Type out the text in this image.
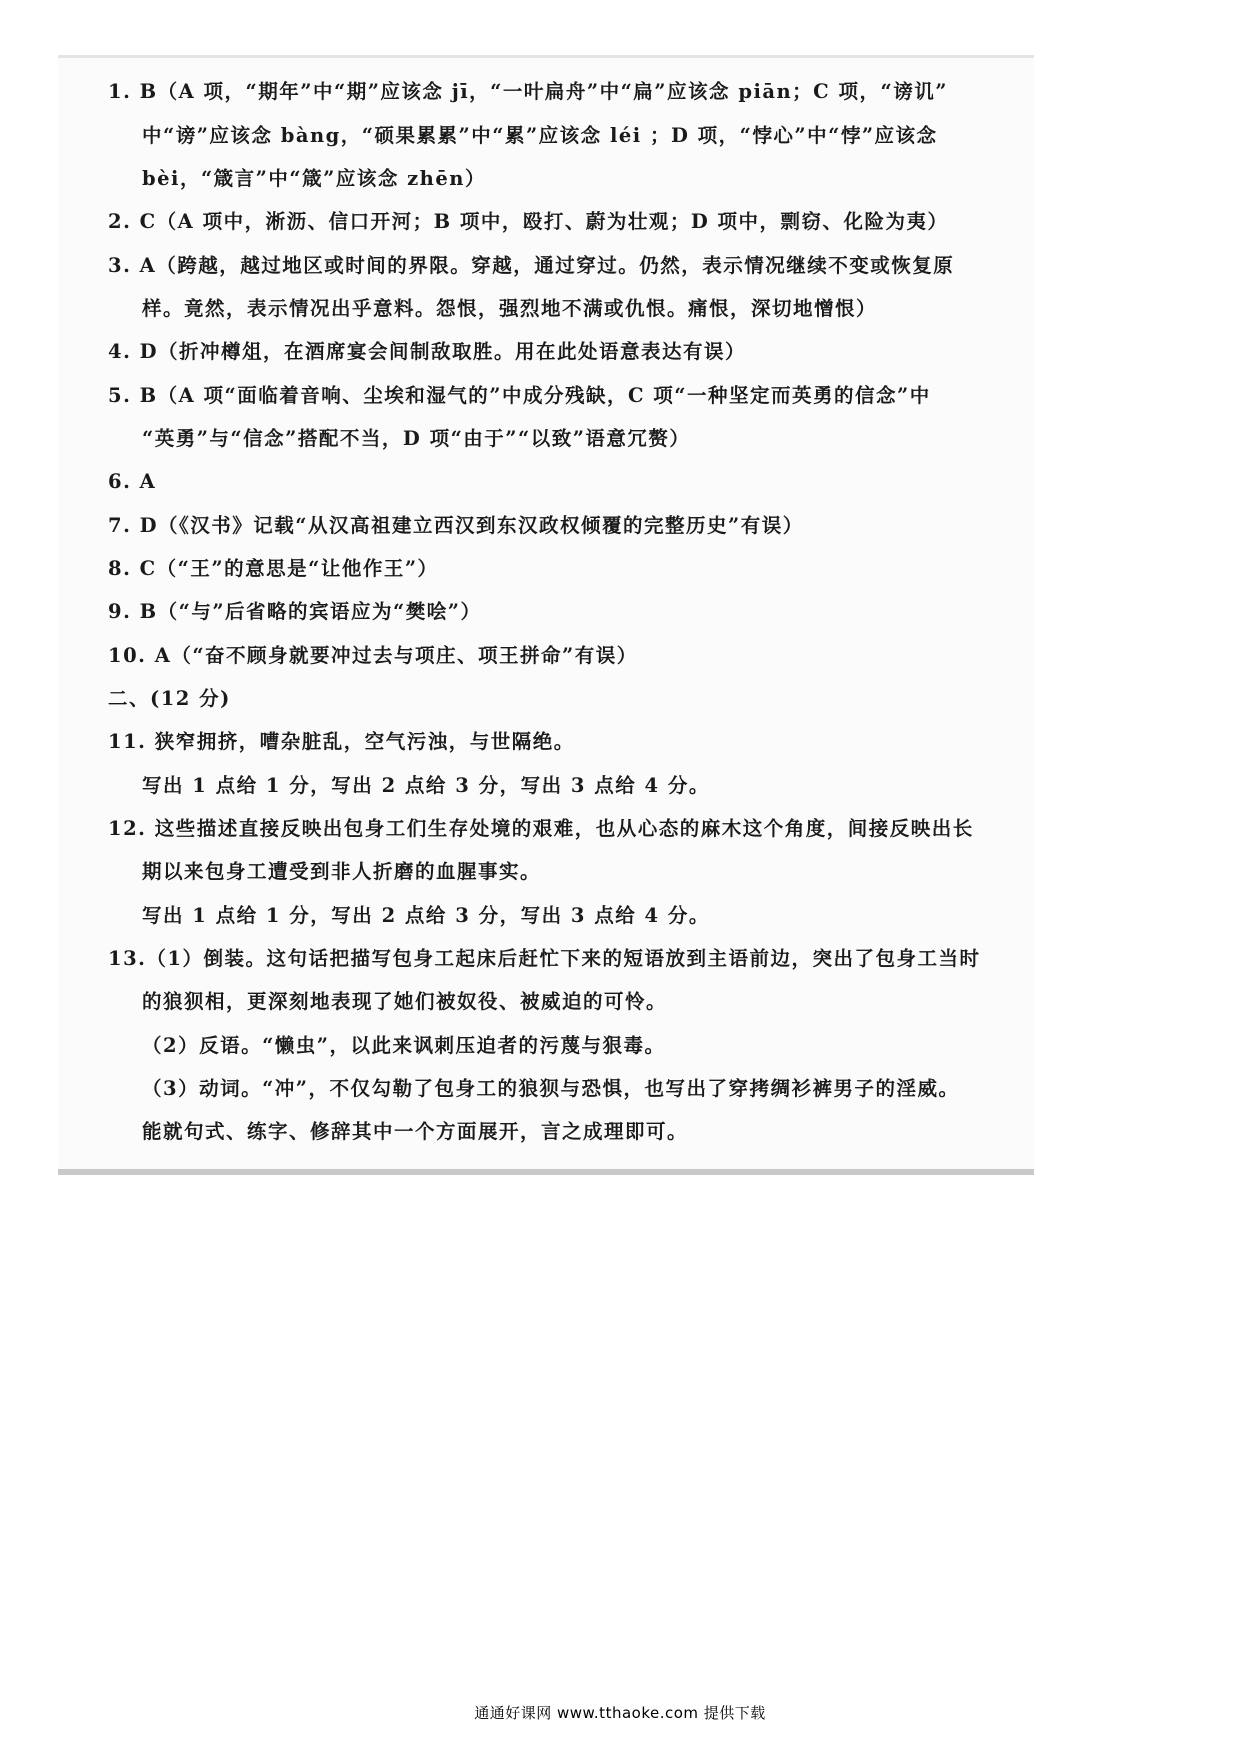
1. B（A 项，“期年”中“期”应该念 jī，“一叶扁舟”中“扁”应该念 piān；C 项，“谤讥”
中“谤”应该念 bàng，“硕果累累”中“累”应该念 léi ；D 项，“悖心”中“悖”应该念
bèi，“箴言”中“箴”应该念 zhēn）
2. C（A 项中，淅沥、信口开河；B 项中，殴打、蔚为壮观；D 项中，剽窃、化险为夷）
3. A（跨越，越过地区或时间的界限。穿越，通过穿过。仍然，表示情况继续不变或恢复原
样。竟然，表示情况出乎意料。怨恨，强烈地不满或仇恨。痛恨，深切地憎恨）
4. D（折冲樽俎，在酒席宴会间制敌取胜。用在此处语意表达有误）
5. B（A 项“面临着音响、尘埃和湿气的”中成分残缺，C 项“一种坚定而英勇的信念”中
“英勇”与“信念”搭配不当，D 项“由于”“以致”语意冗赘）
6. A
7. D（《汉书》记载“从汉高祖建立西汉到东汉政权倾覆的完整历史”有误）
8. C（“王”的意思是“让他作王”）
9. B（“与”后省略的宾语应为“樊哙”）
10. A（“奋不顾身就要冲过去与项庄、项王拼命”有误）
二、(12 分)
11. 狭窄拥挤，嘈杂脏乱，空气污浊，与世隔绝。
写出 1 点给 1 分，写出 2 点给 3 分，写出 3 点给 4 分。
12. 这些描述直接反映出包身工们生存处境的艰难，也从心态的麻木这个角度，间接反映出长
期以来包身工遭受到非人折磨的血腥事实。
写出 1 点给 1 分，写出 2 点给 3 分，写出 3 点给 4 分。
13.（1）倒装。这句话把描写包身工起床后赶忙下来的短语放到主语前边，突出了包身工当时
的狼狈相，更深刻地表现了她们被奴役、被威迫的可怜。
（2）反语。“懒虫”，以此来讽刺压迫者的污蔑与狠毒。
（3）动词。“冲”，不仅勾勒了包身工的狼狈与恐惧，也写出了穿拷绸衫裤男子的淫威。
能就句式、练字、修辞其中一个方面展开，言之成理即可。
通通好课网 www.tthaoke.com 提供下载
